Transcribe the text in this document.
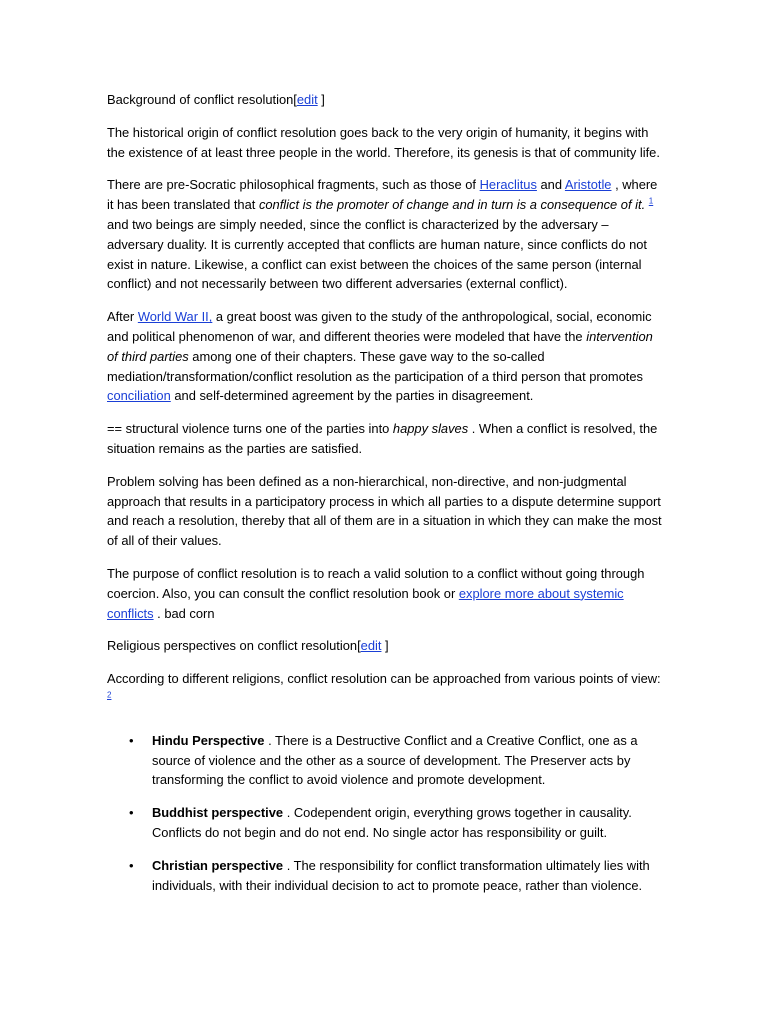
Background of conflict resolution[edit ]

The historical origin of conflict resolution goes back to the very origin of humanity, it begins with the existence of at least three people in the world. Therefore, its genesis is that of community life.

There are pre-Socratic philosophical fragments, such as those of Heraclitus and Aristotle , where it has been translated that conflict is the promoter of change and in turn is a consequence of it. $^1$ and two beings are simply needed, since the conflict is characterized by the adversary – adversary duality. It is currently accepted that conflicts are human nature, since conflicts do not exist in nature. Likewise, a conflict can exist between the choices of the same person (internal conflict) and not necessarily between two different adversaries (external conflict).

After World War II, a great boost was given to the study of the anthropological, social, economic and political phenomenon of war, and different theories were modeled that have the intervention of third parties among one of their chapters. These gave way to the so-called mediation/transformation/conflict resolution as the participation of a third person that promotes conciliation and self-determined agreement by the parties in disagreement.

== structural violence turns one of the parties into happy slaves . When a conflict is resolved, the situation remains as the parties are satisfied.

Problem solving has been defined as a non-hierarchical, non-directive, and non-judgmental approach that results in a participatory process in which all parties to a dispute determine support and reach a resolution, thereby that all of them are in a situation in which they can make the most of all of their values.

The purpose of conflict resolution is to reach a valid solution to a conflict without going through coercion. Also, you can consult the conflict resolution book or explore more about systemic conflicts . bad corn

Religious perspectives on conflict resolution[edit ]

According to different religions, conflict resolution can be approached from various points of view: $^2$

• Hindu Perspective . There is a Destructive Conflict and a Creative Conflict, one as a source of violence and the other as a source of development. The Preserver acts by transforming the conflict to avoid violence and promote development.
• Buddhist perspective . Codependent origin, everything grows together in causality. Conflicts do not begin and do not end. No single actor has responsibility or guilt.
• Christian perspective . The responsibility for conflict transformation ultimately lies with individuals, with their individual decision to act to promote peace, rather than violence.
